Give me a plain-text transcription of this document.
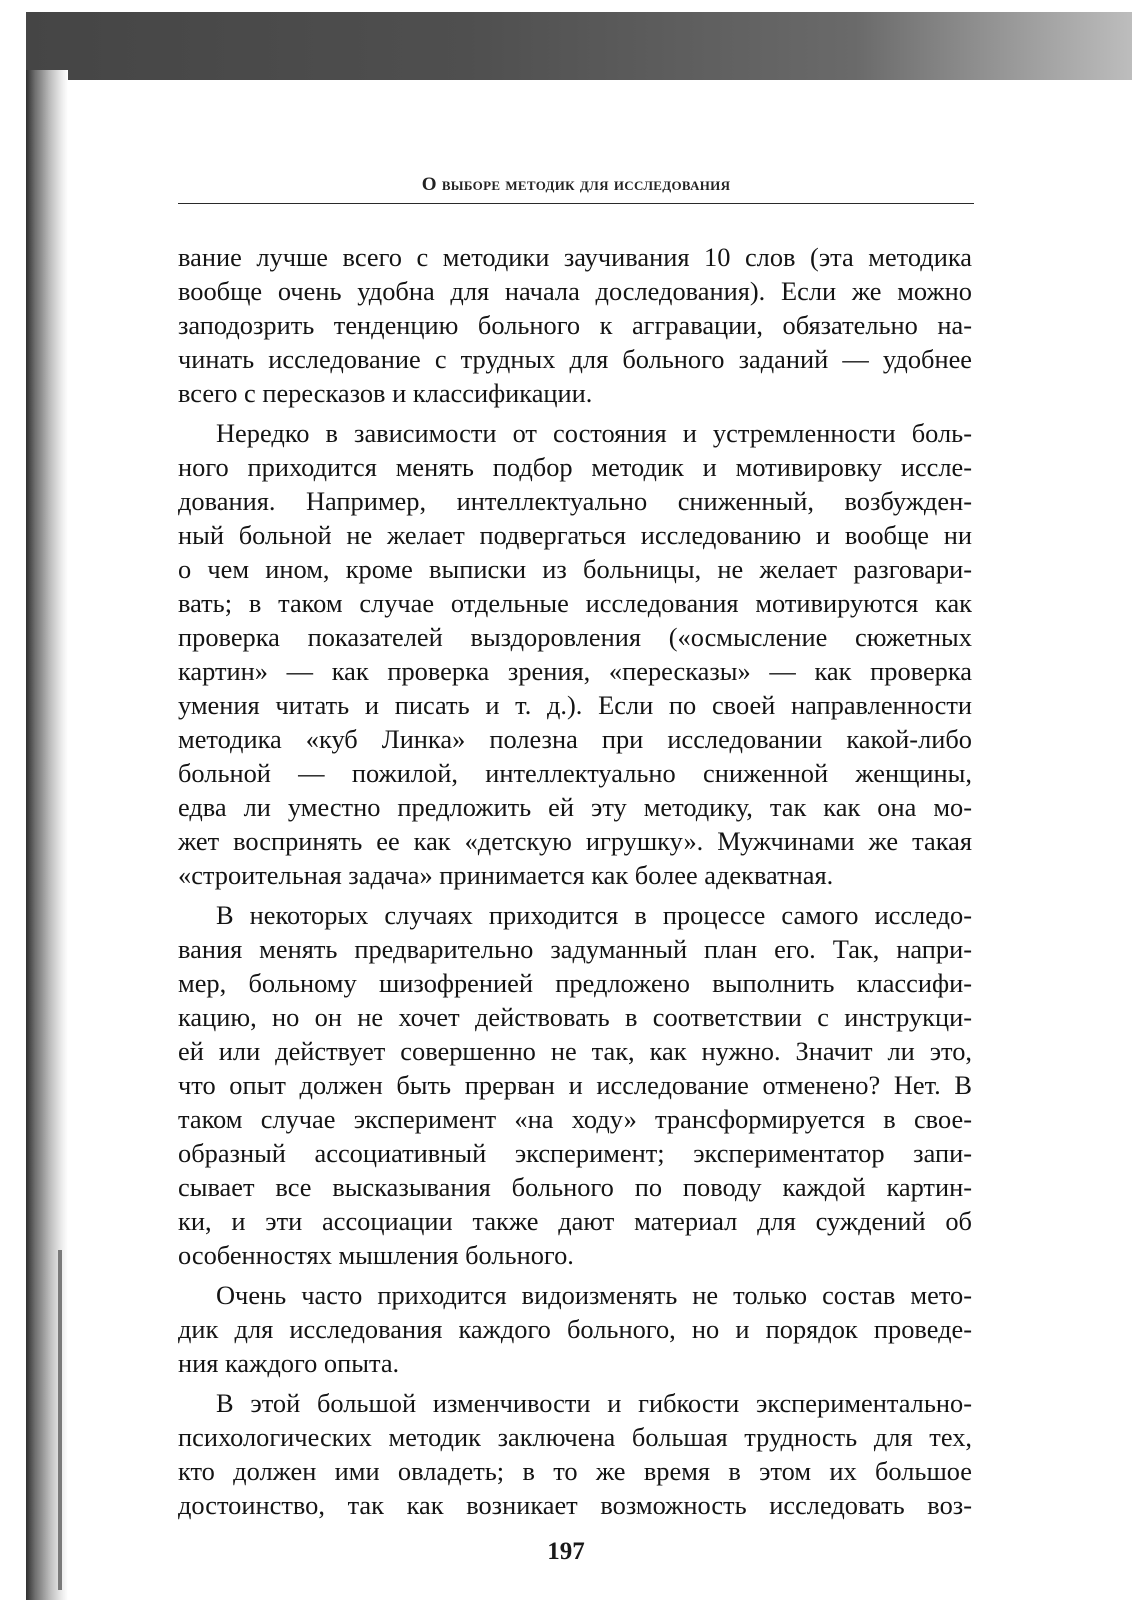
О выборе методик для исследования
вание лучше всего с методики заучивания 10 слов (эта методика
вообще очень удобна для начала доследования). Если же можно
заподозрить тенденцию больного к аггравации, обязательно на-
чинать исследование с трудных для больного заданий — удобнее
всего с пересказов и классификации.
Нередко в зависимости от состояния и устремленности боль-
ного приходится менять подбор методик и мотивировку иссле-
дования. Например, интеллектуально сниженный, возбужден-
ный больной не желает подвергаться исследованию и вообще ни
о чем ином, кроме выписки из больницы, не желает разговари-
вать; в таком случае отдельные исследования мотивируются как
проверка показателей выздоровления («осмысление сюжетных
картин» — как проверка зрения, «пересказы» — как проверка
умения читать и писать и т. д.). Если по своей направленности
методика «куб Линка» полезна при исследовании какой-либо
больной — пожилой, интеллектуально сниженной женщины,
едва ли уместно предложить ей эту методику, так как она мо-
жет воспринять ее как «детскую игрушку». Мужчинами же такая
«строительная задача» принимается как более адекватная.
В некоторых случаях приходится в процессе самого исследо-
вания менять предварительно задуманный план его. Так, напри-
мер, больному шизофренией предложено выполнить классифи-
кацию, но он не хочет действовать в соответствии с инструкци-
ей или действует совершенно не так, как нужно. Значит ли это,
что опыт должен быть прерван и исследование отменено? Нет. В
таком случае эксперимент «на ходу» трансформируется в свое-
образный ассоциативный эксперимент; экспериментатор запи-
сывает все высказывания больного по поводу каждой картин-
ки, и эти ассоциации также дают материал для суждений об
особенностях мышления больного.
Очень часто приходится видоизменять не только состав мето-
дик для исследования каждого больного, но и порядок проведе-
ния каждого опыта.
В этой большой изменчивости и гибкости экспериментально-
психологических методик заключена большая трудность для тех,
кто должен ими овладеть; в то же время в этом их большое
достоинство, так как возникает возможность исследовать воз-
197
